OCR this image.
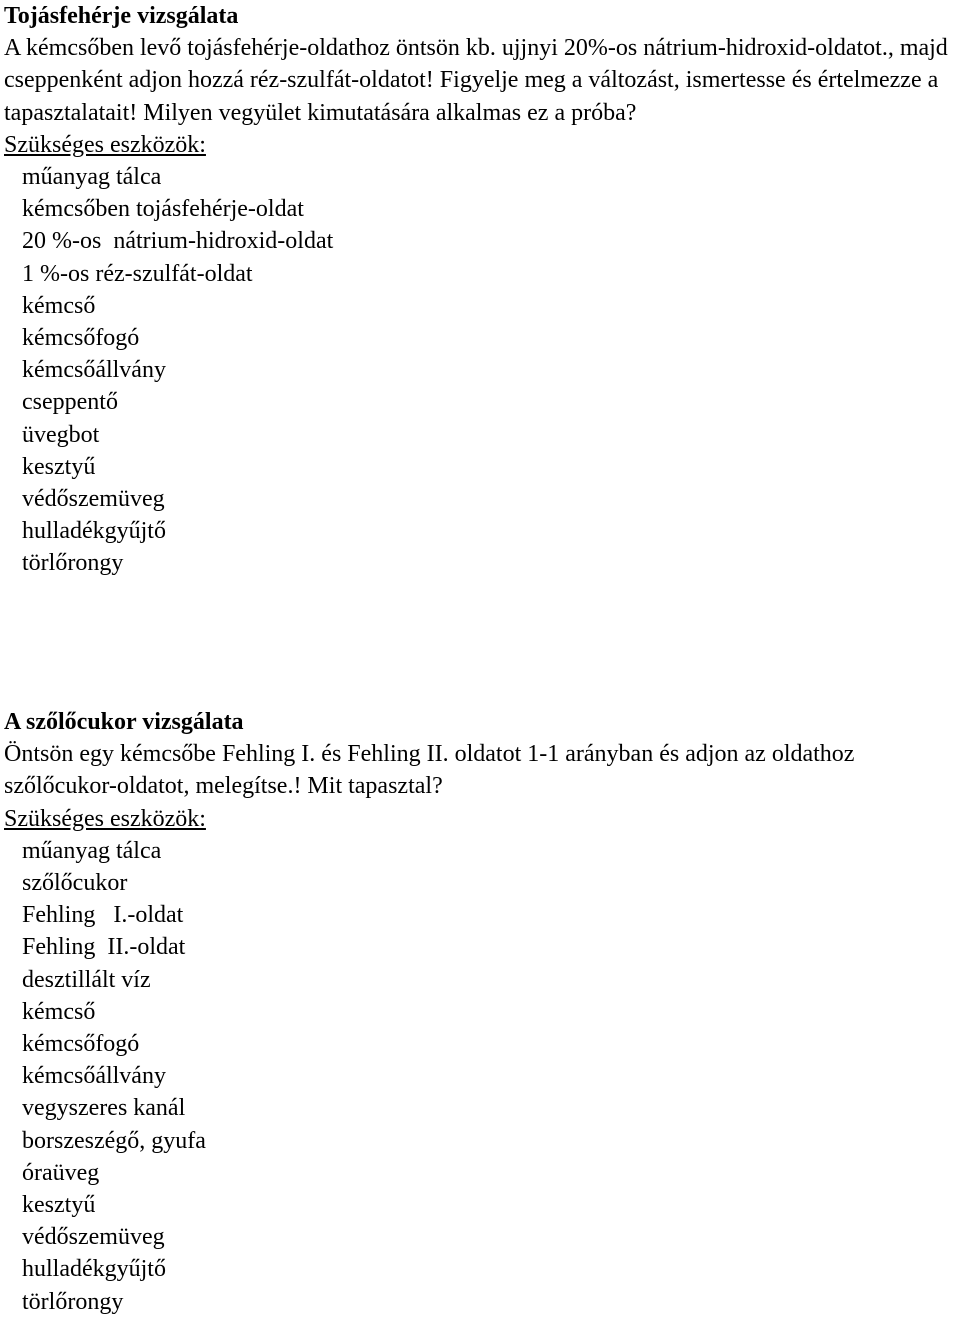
Tojásfehérje vizsgálata
A kémcsőben levő tojásfehérje-oldathoz öntsön kb. ujjnyi 20%-os nátrium-hidroxid-oldatot., majd cseppenként adjon hozzá réz-szulfát-oldatot! Figyelje meg a változást, ismertesse és értelmezze a tapasztalatait! Milyen vegyület kimutatására alkalmas ez a próba?
Szükséges eszközök:
műanyag tálca
kémcsőben tojásfehérje-oldat
20 %-os  nátrium-hidroxid-oldat
1 %-os réz-szulfát-oldat
kémcső
kémcsőfogó
kémcsőállvány
cseppentő
üvegbot
kesztyű
védőszemüveg
hulladékgyűjtő
törlőrongy
A szőlőcukor vizsgálata
Öntsön egy kémcsőbe Fehling I. és Fehling II. oldatot 1-1 arányban és adjon az oldathoz szőlőcukor-oldatot, melegítse.! Mit tapasztal?
Szükséges eszközök:
műanyag tálca
szőlőcukor
Fehling   I.-oldat
Fehling  II.-oldat
desztillált víz
kémcső
kémcsőfogó
kémcsőállvány
vegyszeres kanál
borszeszégő, gyufa
óraüveg
kesztyű
védőszemüveg
hulladékgyűjtő
törlőrongy
